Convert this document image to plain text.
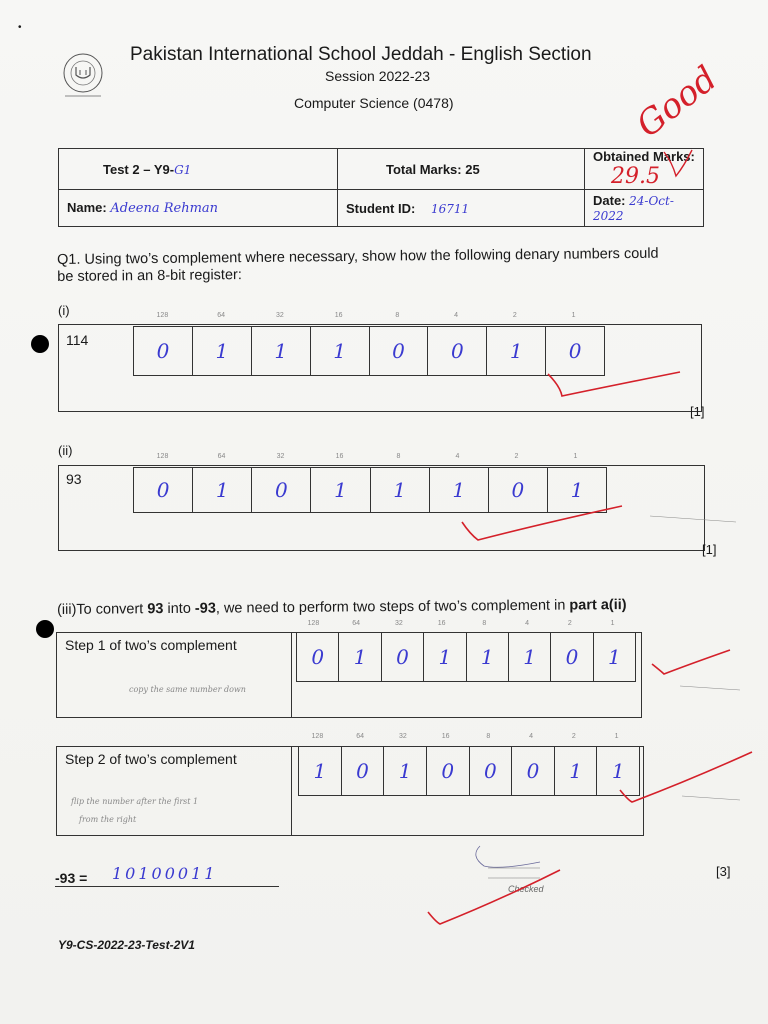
•
Pakistan International School Jeddah - English Section
Session 2022-23
Computer Science (0478)	Good
Test 2 – Y9-G1	Total Marks: 25	Obtained Marks: 29.5
Name: Adeena Rehman	Student ID: 16711	Date: 24-Oct-2022
Q1. Using two’s complement where necessary, show how the following denary numbers could be stored in an 8-bit register:
(i)
114
128	64	32	16	8	4	2	1
0	1	1	1	0	0	1	0
[1]
(ii)
93
128	64	32	16	8	4	2	1
0	1	0	1	1	1	0	1
[1]
(iii)To convert 93 into -93, we need to perform two steps of two’s complement in part a(ii)
Step 1 of two’s complement
copy the same number down
128	64	32	16	8	4	2	1
0	1	0	1	1	1	0	1
Step 2 of two’s complement
flip the number after the first 1
from the right
128	64	32	16	8	4	2	1
1	0	1	0	0	0	1	1
-93 = 10100011	[3]
Checked
Y9-CS-2022-23-Test-2V1
